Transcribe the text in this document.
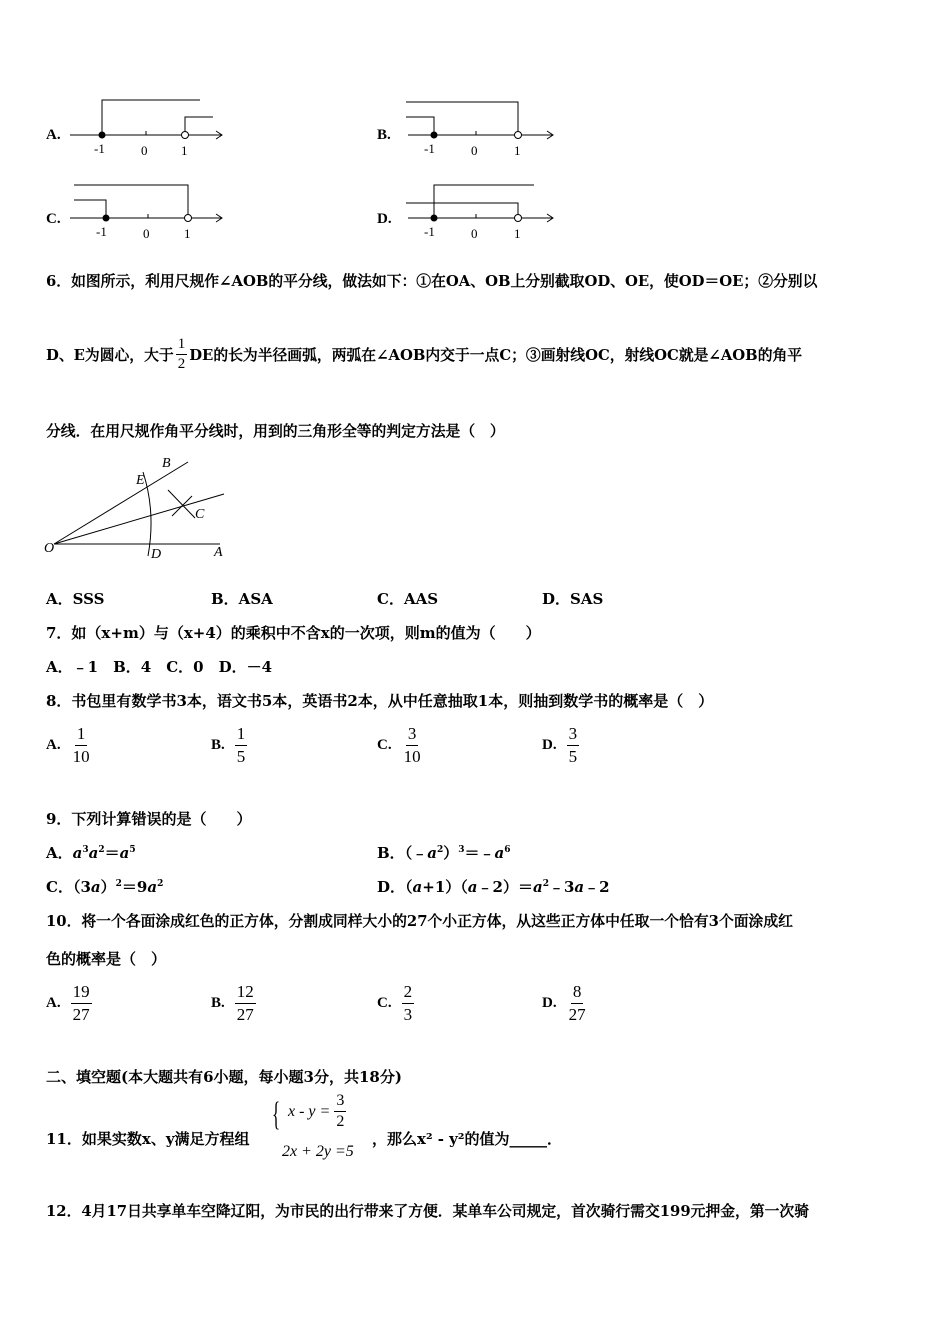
A.
-1	0	1
B.
-1	0	1
C.
-1	0	1
D.
-1	0	1
6．如图所示，利用尺规作∠AOB的平分线，做法如下：①在OA、OB上分别截取OD、OE，使OD＝OE；②分别以
D、E为圆心，大于 $\frac{1}{2}$ DE的长为半径画弧，两弧在∠AOB内交于一点C；③画射线OC，射线OC就是∠AOB的角平
分线．在用尺规作角平分线时，用到的三角形全等的判定方法是（　）
O	A
B
C
D
E
A．SSS	B．ASA	C．AAS	D．SAS
7．如（x+m）与（x+4）的乘积中不含x的一次项，则m的值为（　　）
A．﹣1　B．4　C．0　D．－4
8．书包里有数学书3本，语文书5本，英语书2本，从中任意抽取1本，则抽到数学书的概率是（　）
A. $\frac{1}{10}$	B. $\frac{1}{5}$	C. $\frac{3}{10}$	D. $\frac{3}{5}$
9．下列计算错误的是（　　）
A．$a^3a^2=a^5$	B．$(﹣a^2)^3=﹣a^6$
C．$(3a)^2=9a^2$	D．$(a+1)(a﹣2)=a^2﹣3a﹣2$
10．将一个各面涂成红色的正方体，分割成同样大小的27个小正方体，从这些正方体中任取一个恰有3个面涂成红
色的概率是（　）
A. $\frac{19}{27}$	B. $\frac{12}{27}$	C. $\frac{2}{3}$	D. $\frac{8}{27}$
二、填空题(本大题共有6小题，每小题3分，共18分)
11．如果实数x、y满足方程组
{ $x - y = \frac{3}{2}$
2x + 2y =5
，那么x² - y²的值为_____．
12．4月17日共享单车空降辽阳，为市民的出行带来了方便．某单车公司规定，首次骑行需交199元押金，第一次骑
